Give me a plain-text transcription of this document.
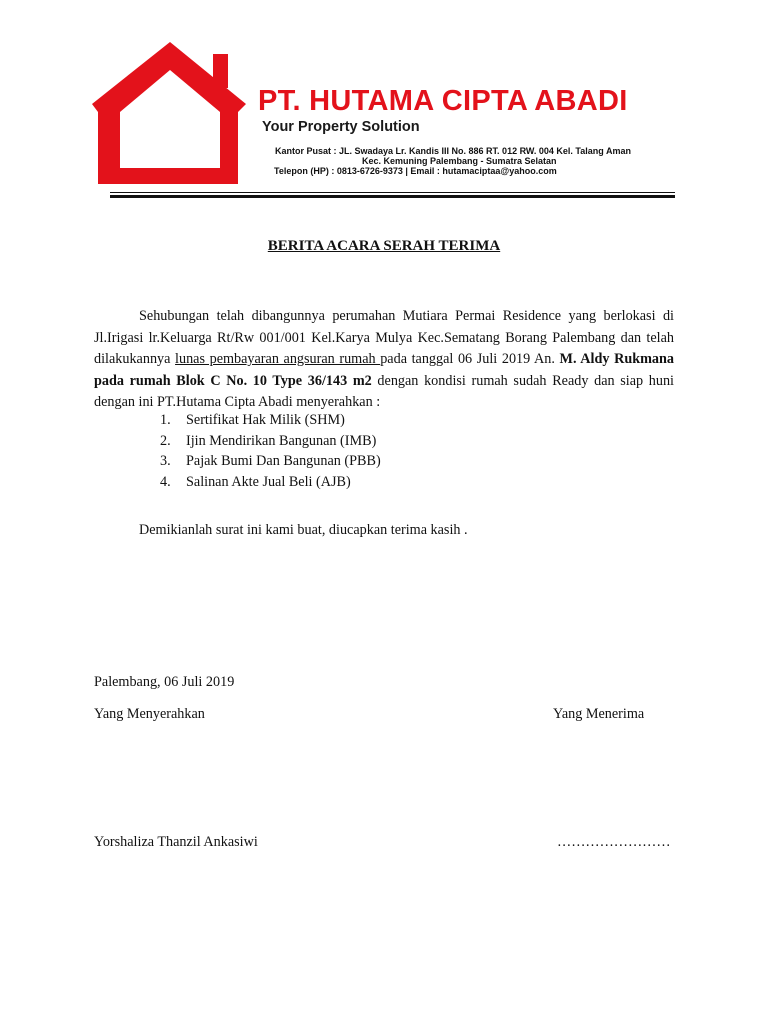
PT. HUTAMA CIPTA ABADI
Your Property Solution
Kantor Pusat : JL. Swadaya Lr. Kandis III No. 886 RT. 012 RW. 004 Kel. Talang Aman
Kec. Kemuning Palembang - Sumatra Selatan
Telepon (HP) : 0813-6726-9373 | Email : hutamaciptaa@yahoo.com
BERITA ACARA SERAH TERIMA
Sehubungan telah dibangunnya perumahan Mutiara Permai Residence yang berlokasi di Jl.Irigasi lr.Keluarga Rt/Rw 001/001 Kel.Karya Mulya Kec.Sematang Borang Palembang dan telah dilakukannya lunas pembayaran angsuran rumah pada tanggal 06 Juli 2019 An. M. Aldy Rukmana pada rumah Blok C No. 10 Type 36/143 m2 dengan kondisi rumah sudah Ready dan siap huni dengan ini PT.Hutama Cipta Abadi menyerahkan :
1. Sertifikat Hak Milik (SHM)
2. Ijin Mendirikan Bangunan (IMB)
3. Pajak Bumi Dan Bangunan (PBB)
4. Salinan Akte Jual Beli (AJB)
Demikianlah surat ini kami buat, diucapkan terima kasih .
Palembang, 06 Juli 2019
Yang Menyerahkan	Yang Menerima
Yorshaliza Thanzil Ankasiwi	……………………
